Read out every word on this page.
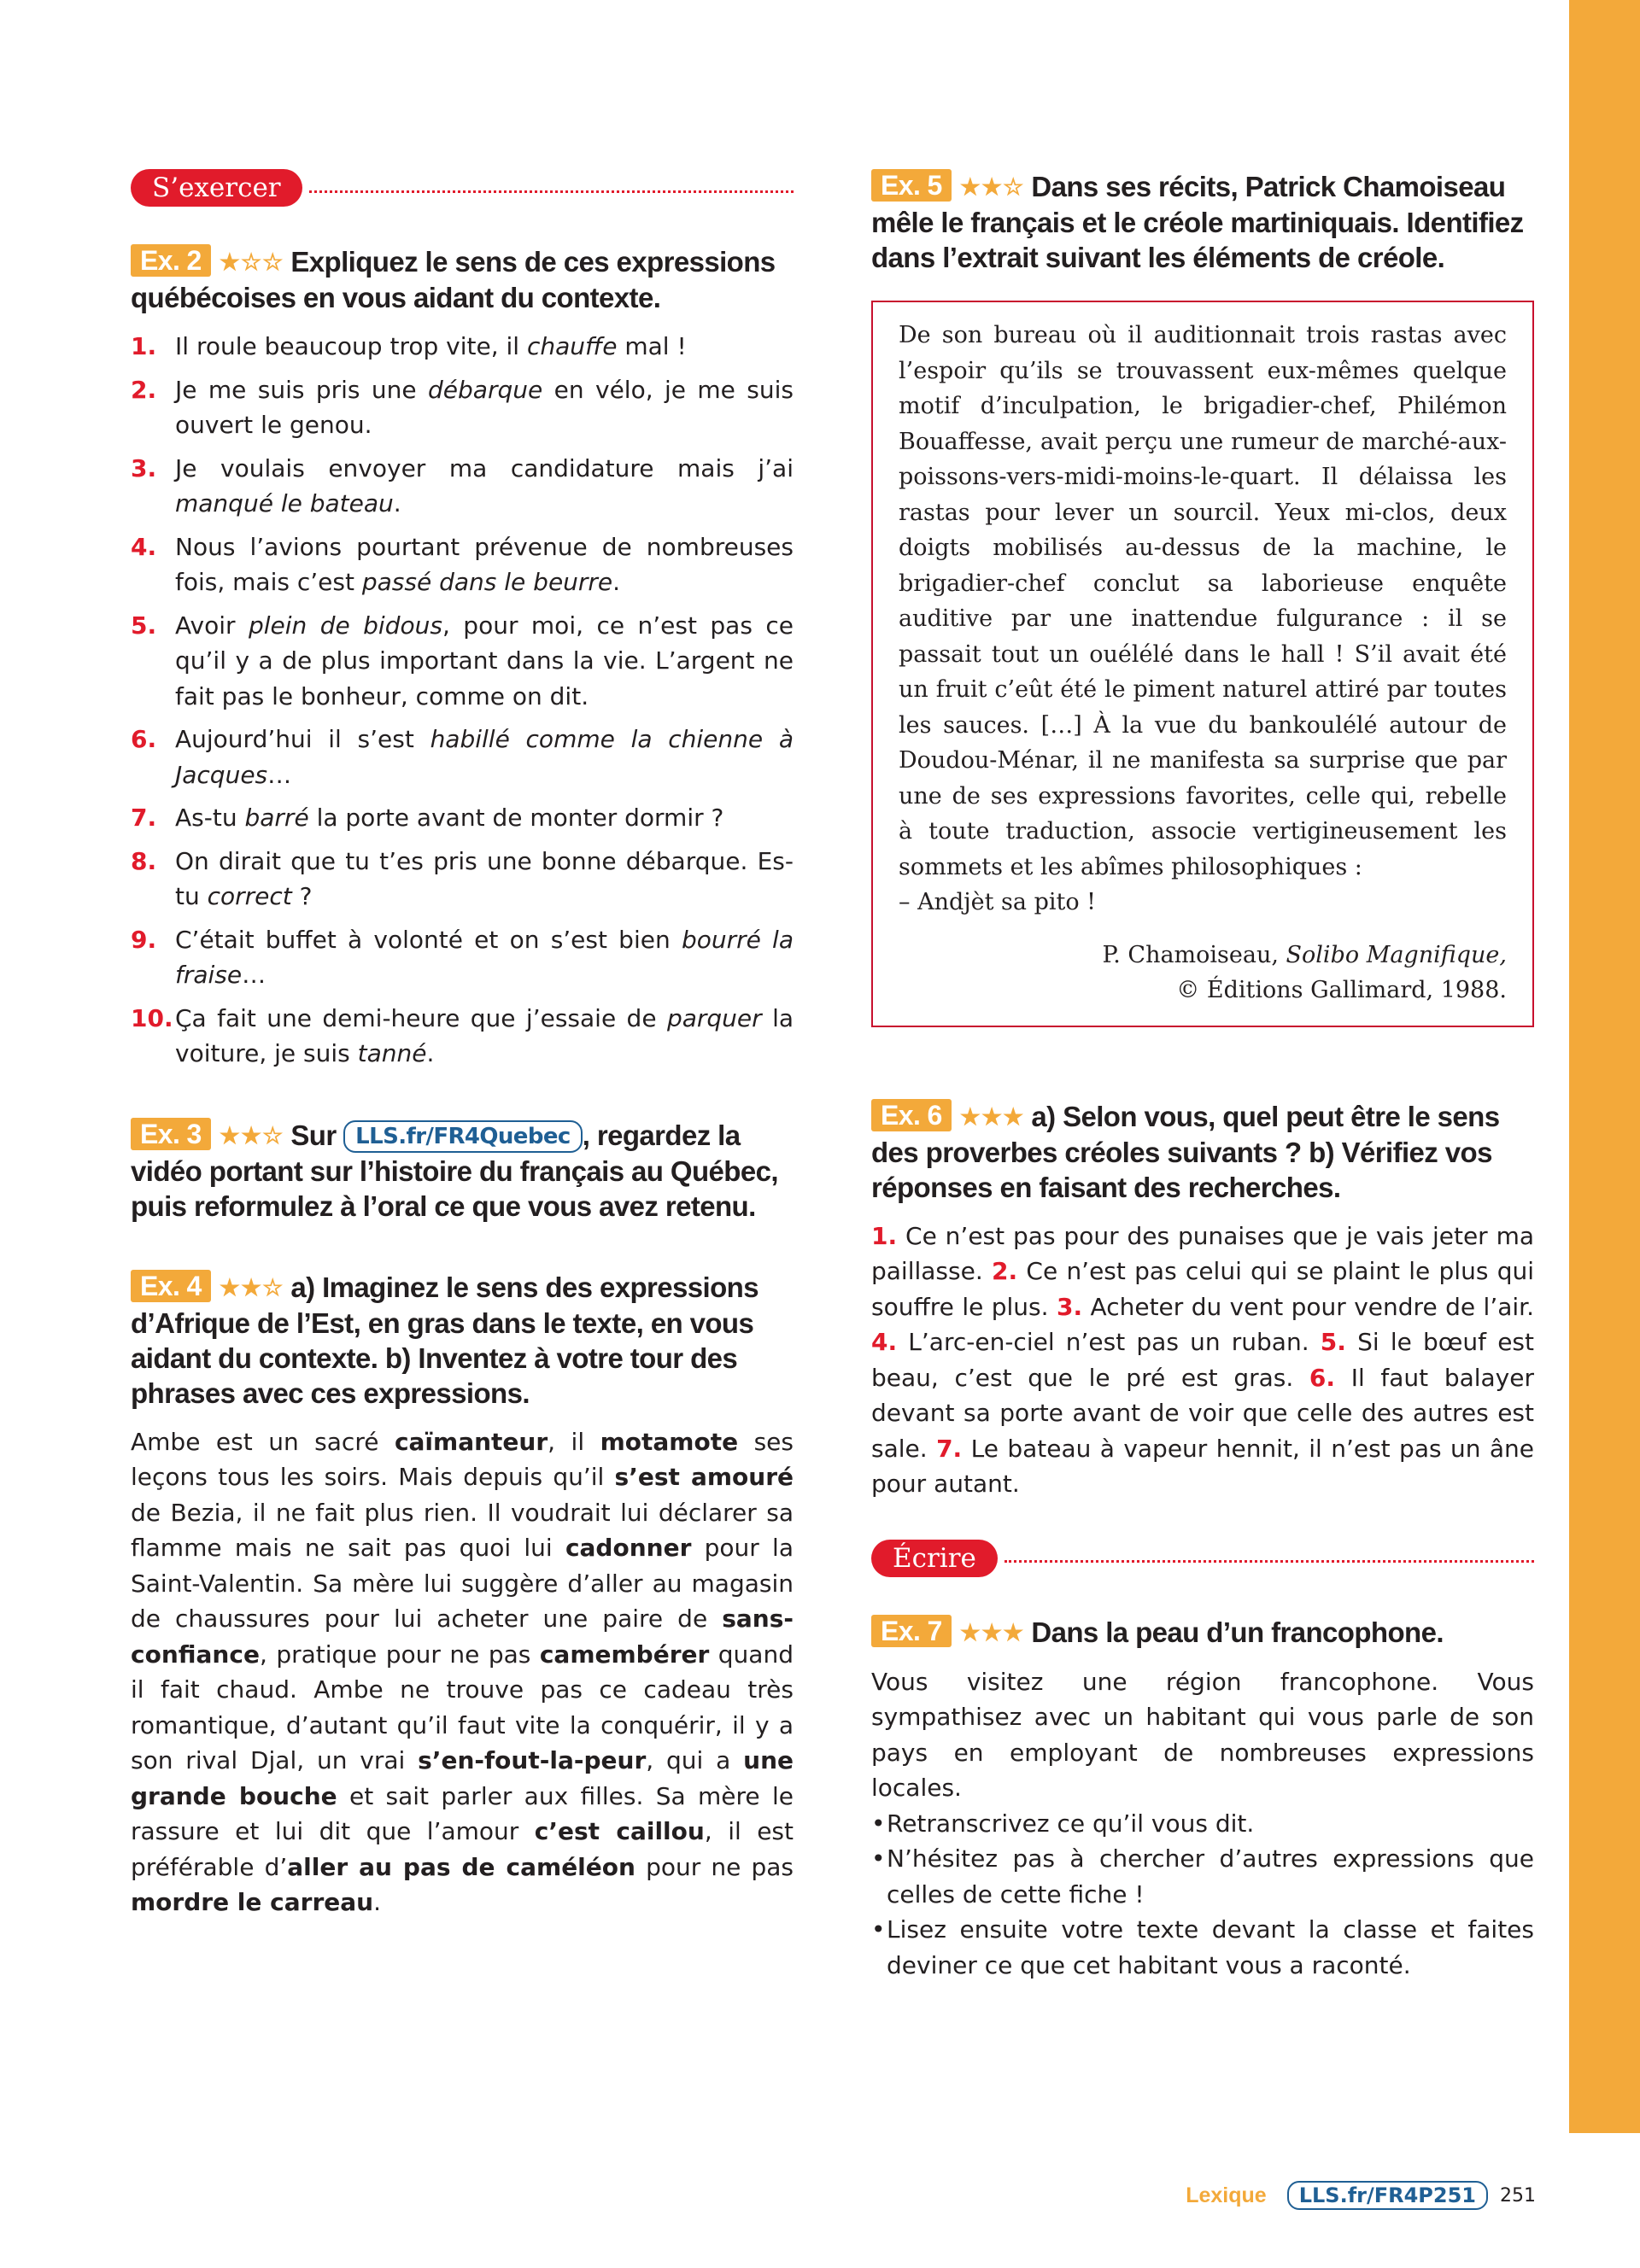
S’exercer

Ex. 2 ★☆☆ Expliquez le sens de ces expressions québécoises en vous aidant du contexte.

1. Il roule beaucoup trop vite, il chauffe mal !
2. Je me suis pris une débarque en vélo, je me suis ouvert le genou.
3. Je voulais envoyer ma candidature mais j’ai manqué le bateau.
4. Nous l’avions pourtant prévenue de nombreuses fois, mais c’est passé dans le beurre.
5. Avoir plein de bidous, pour moi, ce n’est pas ce qu’il y a de plus important dans la vie. L’argent ne fait pas le bonheur, comme on dit.
6. Aujourd’hui il s’est habillé comme la chienne à Jacques…
7. As-tu barré la porte avant de monter dormir ?
8. On dirait que tu t’es pris une bonne débarque. Es-tu correct ?
9. C’était buffet à volonté et on s’est bien bourré la fraise…
10. Ça fait une demi-heure que j’essaie de parquer la voiture, je suis tanné.

Ex. 3 ★★☆ Sur LLS.fr/FR4Quebec , regardez la vidéo portant sur l’histoire du français au Québec, puis reformulez à l’oral ce que vous avez retenu.

Ex. 4 ★★☆ a) Imaginez le sens des expressions d’Afrique de l’Est, en gras dans le texte, en vous aidant du contexte. b) Inventez à votre tour des phrases avec ces expressions.

Ambe est un sacré caïmanteur, il motamote ses leçons tous les soirs. Mais depuis qu’il s’est amouré de Bezia, il ne fait plus rien. Il voudrait lui déclarer sa flamme mais ne sait pas quoi lui cadonner pour la Saint-Valentin. Sa mère lui suggère d’aller au magasin de chaussures pour lui acheter une paire de sans-confiance, pratique pour ne pas camembérer quand il fait chaud. Ambe ne trouve pas ce cadeau très romantique, d’autant qu’il faut vite la conquérir, il y a son rival Djal, un vrai s’en-fout-la-peur, qui a une grande bouche et sait parler aux filles. Sa mère le rassure et lui dit que l’amour c’est caillou, il est préférable d’aller au pas de caméléon pour ne pas mordre le carreau.

Ex. 5 ★★☆ Dans ses récits, Patrick Chamoiseau mêle le français et le créole martiniquais. Identifiez dans l’extrait suivant les éléments de créole.

De son bureau où il auditionnait trois rastas avec l’espoir qu’ils se trouvassent eux-mêmes quelque motif d’inculpation, le brigadier-chef, Philémon Bouaffesse, avait perçu une rumeur de marché-aux-poissons-vers-midi-moins-le-quart. Il délaissa les rastas pour lever un sourcil. Yeux mi-clos, deux doigts mobilisés au-dessus de la machine, le brigadier-chef conclut sa laborieuse enquête auditive par une inattendue fulgurance : il se passait tout un ouélélé dans le hall ! S’il avait été un fruit c’eût été le piment naturel attiré par toutes les sauces. […] À la vue du bankoulélé autour de Doudou-Ménar, il ne manifesta sa surprise que par une de ses expressions favorites, celle qui, rebelle à toute traduction, associe vertigineusement les sommets et les abîmes philosophiques :

– Andjèt sa pito !

P. Chamoiseau, Solibo Magnifique,
© Éditions Gallimard, 1988.

Ex. 6 ★★★ a) Selon vous, quel peut être le sens des proverbes créoles suivants ? b) Vérifiez vos réponses en faisant des recherches.

1. Ce n’est pas pour des punaises que je vais jeter ma paillasse. 2. Ce n’est pas celui qui se plaint le plus qui souffre le plus. 3. Acheter du vent pour vendre de l’air. 4. L’arc-en-ciel n’est pas un ruban. 5. Si le bœuf est beau, c’est que le pré est gras. 6. Il faut balayer devant sa porte avant de voir que celle des autres est sale. 7. Le bateau à vapeur hennit, il n’est pas un âne pour autant.

Écrire

Ex. 7 ★★★ Dans la peau d’un francophone.

Vous visitez une région francophone. Vous sympathisez avec un habitant qui vous parle de son pays en employant de nombreuses expressions locales.

• Retranscrivez ce qu’il vous dit.
• N’hésitez pas à chercher d’autres expressions que celles de cette fiche !
• Lisez ensuite votre texte devant la classe et faites deviner ce que cet habitant vous a raconté.
Lexique	LLS.fr/FR4P251	251
